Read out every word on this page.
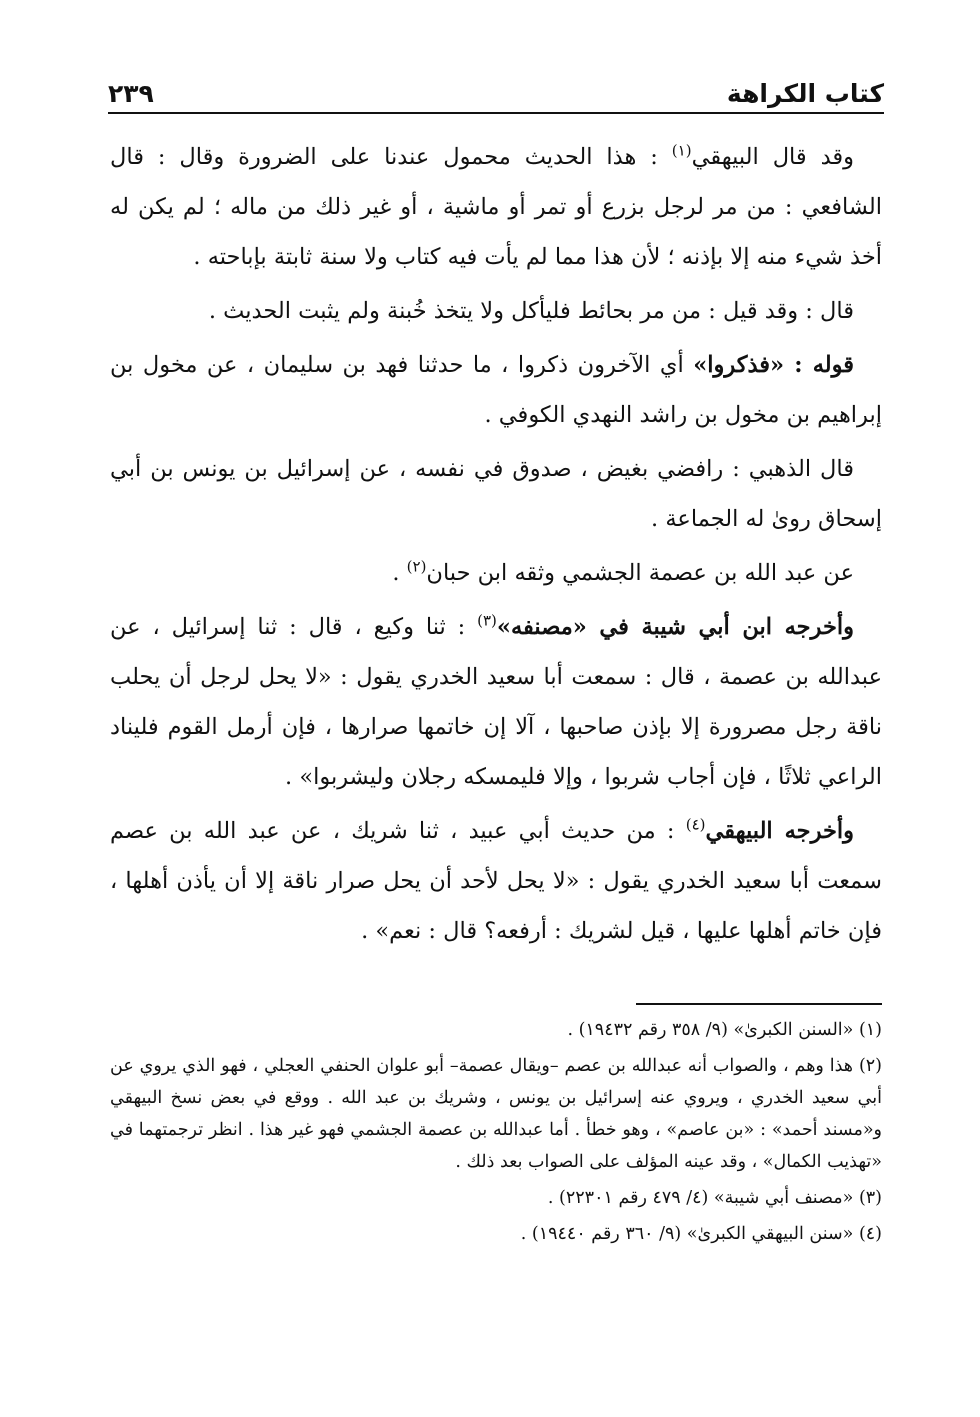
كتاب الكراهة
٢٣٩

وقد قال البيهقي$^{(١)}$ : هذا الحديث محمول عندنا على الضرورة وقال : قال الشافعي : من مر لرجل بزرع أو تمر أو ماشية ، أو غير ذلك من ماله ؛ لم يكن له أخذ شيء منه إلا بإذنه ؛ لأن هذا مما لم يأت فيه كتاب ولا سنة ثابتة بإباحته .

قال : وقد قيل : من مر بحائط فليأكل ولا يتخذ خُبنة ولم يثبت الحديث .

قوله : «فذكروا» أي الآخرون ذكروا ، ما حدثنا فهد بن سليمان ، عن مخول بن إبراهيم بن مخول بن راشد النهدي الكوفي .

قال الذهبي : رافضي بغيض ، صدوق في نفسه ، عن إسرائيل بن يونس بن أبي إسحاق روىٰ له الجماعة .

عن عبد الله بن عصمة الجشمي وثقه ابن حبان$^{(٢)}$ .

وأخرجه ابن أبي شيبة في «مصنفه»$^{(٣)}$ : ثنا وكيع ، قال : ثنا إسرائيل ، عن عبدالله بن عصمة ، قال : سمعت أبا سعيد الخدري يقول : «لا يحل لرجل أن يحلب ناقة رجل مصرورة إلا بإذن صاحبها ، آلا إن خاتمها صرارها ، فإن أرمل القوم فليناد الراعي ثلاثًا ، فإن أجاب شربوا ، وإلا فليمسكه رجلان وليشربوا» .

وأخرجه البيهقي$^{(٤)}$ : من حديث أبي عبيد ، ثنا شريك ، عن عبد الله بن عصم سمعت أبا سعيد الخدري يقول : «لا يحل لأحد أن يحل صرار ناقة إلا أن يأذن أهلها ، فإن خاتم أهلها عليها ، قيل لشريك : أرفعه؟ قال : نعم» .

(١) «السنن الكبرىٰ» (٩/ ٣٥٨ رقم ١٩٤٣٢) .
(٢) هذا وهم ، والصواب أنه عبدالله بن عصم –ويقال عصمة– أبو علوان الحنفي العجلي ، فهو الذي يروي عن أبي سعيد الخدري ، ويروي عنه إسرائيل بن يونس ، وشريك بن عبد الله . ووقع في بعض نسخ البيهقي و«مسند أحمد» : «بن عاصم» ، وهو خطأ . أما عبدالله بن عصمة الجشمي فهو غير هذا . انظر ترجمتهما في «تهذيب الكمال» ، وقد عينه المؤلف على الصواب بعد ذلك .
(٣) «مصنف أبي شيبة» (٤/ ٤٧٩ رقم ٢٢٣٠١) .
(٤) «سنن البيهقي الكبرىٰ» (٩/ ٣٦٠ رقم ١٩٤٤٠) .
